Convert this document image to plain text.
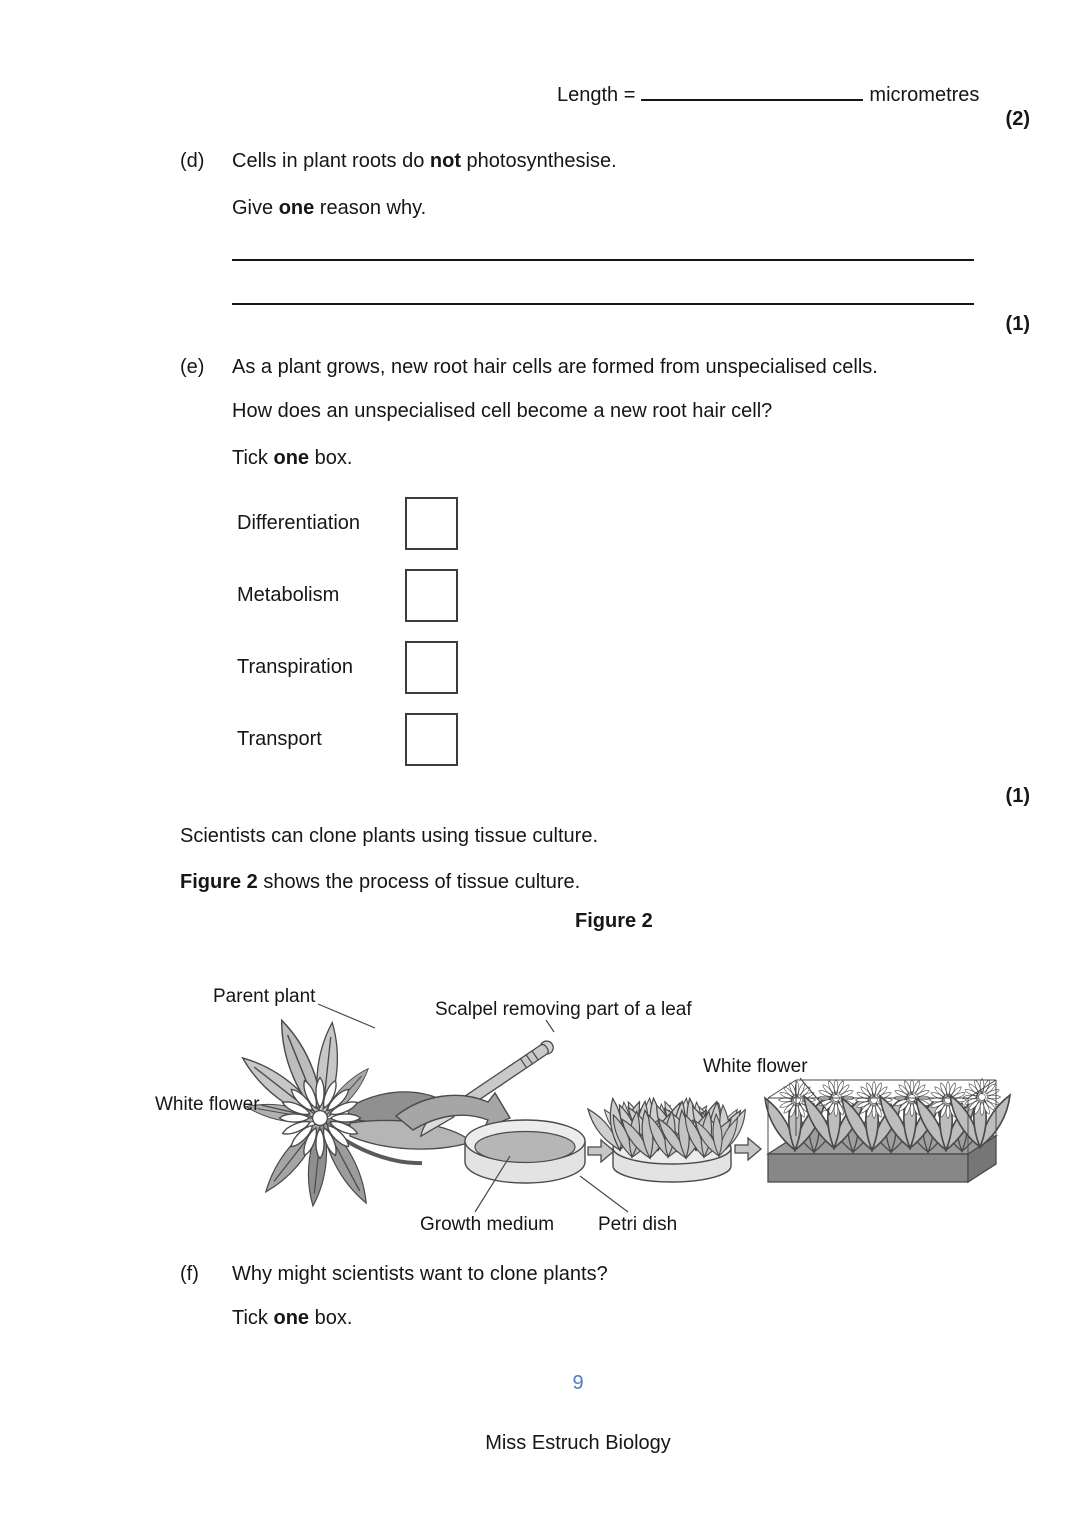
Length =	micrometres
(2)
(d) Cells in plant roots do not photosynthesise.
Give one reason why.
(1)
(e) As a plant grows, new root hair cells are formed from unspecialised cells.
How does an unspecialised cell become a new root hair cell?
Tick one box.
Differentiation
Metabolism
Transpiration
Transport
(1)
Scientists can clone plants using tissue culture.
Figure 2 shows the process of tissue culture.
Figure 2
Parent plant
Scalpel removing part of a leaf
White flower
White flower
Growth medium Petri dish
(f) Why might scientists want to clone plants?
Tick one box.
9
Miss Estruch Biology
